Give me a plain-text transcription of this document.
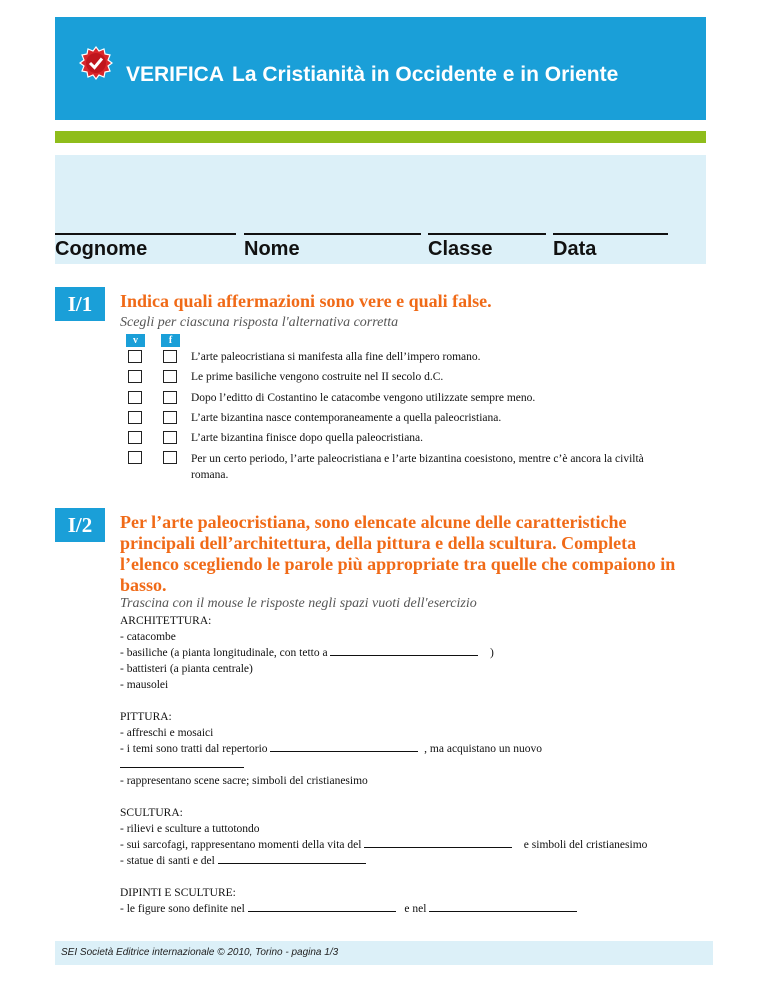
VERIFICA La Cristianità in Occidente e in Oriente
Cognome	Nome	Classe	Data
I/1	Indica quali affermazioni sono vere e quali false.
Scegli per ciascuna risposta l'alternativa corretta
v	f
L’arte paleocristiana si manifesta alla fine dell’impero romano.
Le prime basiliche vengono costruite nel II secolo d.C.
Dopo l’editto di Costantino le catacombe vengono utilizzate sempre meno.
L’arte bizantina nasce contemporaneamente a quella paleocristiana.
L’arte bizantina finisce dopo quella paleocristiana.
Per un certo periodo, l’arte paleocristiana e l’arte bizantina coesistono, mentre c’è ancora la civiltà romana.
I/2	Per l’arte paleocristiana, sono elencate alcune delle caratteristiche principali dell’architettura, della pittura e della scultura. Completa l’elenco scegliendo le parole più appropriate tra quelle che compaiono in basso.
Trascina con il mouse le risposte negli spazi vuoti dell'esercizio

ARCHITETTURA:

- catacombe

- basiliche (a pianta longitudinale, con tetto a	)

- battisteri (a pianta centrale)

- mausolei

PITTURA:

- affreschi e mosaici

- i temi sono tratti dal repertorio	, ma acquistano un nuovo

- rappresentano scene sacre; simboli del cristianesimo

SCULTURA:

- rilievi e sculture a tuttotondo

- sui sarcofagi, rappresentano momenti della vita del	e simboli del cristianesimo

- statue di santi e del

DIPINTI E SCULTURE:

- le figure sono definite nel	e nel

SEI Società Editrice internazionale © 2010, Torino - pagina 1/3
